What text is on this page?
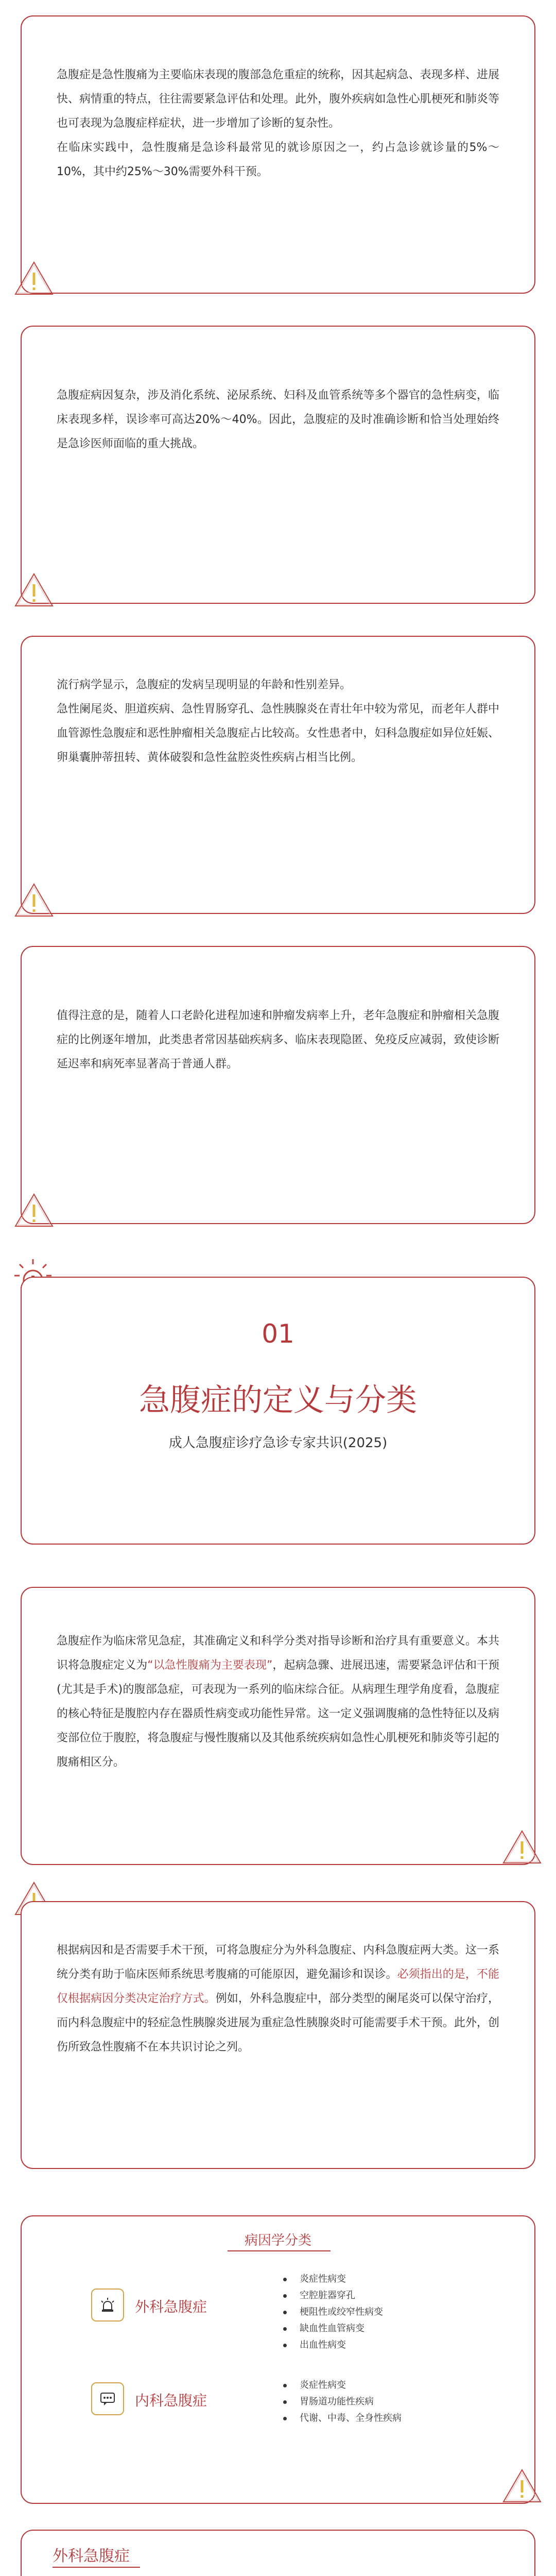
急腹症是急性腹痛为主要临床表现的腹部急危重症的统称，因其起病急、表现多样、进展快、病情重的特点，往往需要紧急评估和处理。此外，腹外疾病如急性心肌梗死和肺炎等也可表现为急腹症样症状，进一步增加了诊断的复杂性。

在临床实践中，急性腹痛是急诊科最常见的就诊原因之一，约占急诊就诊量的5%～10%，其中约25%～30%需要外科干预。

急腹症病因复杂，涉及消化系统、泌尿系统、妇科及血管系统等多个器官的急性病变，临床表现多样，误诊率可高达20%～40%。因此，急腹症的及时准确诊断和恰当处理始终是急诊医师面临的重大挑战。

流行病学显示，急腹症的发病呈现明显的年龄和性别差异。

急性阑尾炎、胆道疾病、急性胃肠穿孔、急性胰腺炎在青壮年中较为常见，而老年人群中血管源性急腹症和恶性肿瘤相关急腹症占比较高。女性患者中，妇科急腹症如异位妊娠、卵巢囊肿蒂扭转、黄体破裂和急性盆腔炎性疾病占相当比例。

值得注意的是，随着人口老龄化进程加速和肿瘤发病率上升，老年急腹症和肿瘤相关急腹症的比例逐年增加，此类患者常因基础疾病多、临床表现隐匿、免疫反应减弱，致使诊断延迟率和病死率显著高于普通人群。

01
急腹症的定义与分类
成人急腹症诊疗急诊专家共识(2025)

急腹症作为临床常见急症，其准确定义和科学分类对指导诊断和治疗具有重要意义。本共识将急腹症定义为“以急性腹痛为主要表现”，起病急骤、进展迅速，需要紧急评估和干预(尤其是手术)的腹部急症，可表现为一系列的临床综合征。从病理生理学角度看，急腹症的核心特征是腹腔内存在器质性病变或功能性异常。这一定义强调腹痛的急性特征以及病变部位位于腹腔，将急腹症与慢性腹痛以及其他系统疾病如急性心肌梗死和肺炎等引起的腹痛相区分。

根据病因和是否需要手术干预，可将急腹症分为外科急腹症、内科急腹症两大类。这一系统分类有助于临床医师系统思考腹痛的可能原因，避免漏诊和误诊。必须指出的是，不能仅根据病因分类决定治疗方式。例如，外科急腹症中，部分类型的阑尾炎可以保守治疗，而内科急腹症中的轻症急性胰腺炎进展为重症急性胰腺炎时可能需要手术干预。此外，创伤所致急性腹痛不在本共识讨论之列。

病因学分类
外科急腹症
炎症性病变
空腔脏器穿孔
梗阻性或绞窄性病变
缺血性血管病变
出血性病变
内科急腹症
炎症性病变
胃肠道功能性疾病
代谢、中毒、全身性疾病
外科急腹症
